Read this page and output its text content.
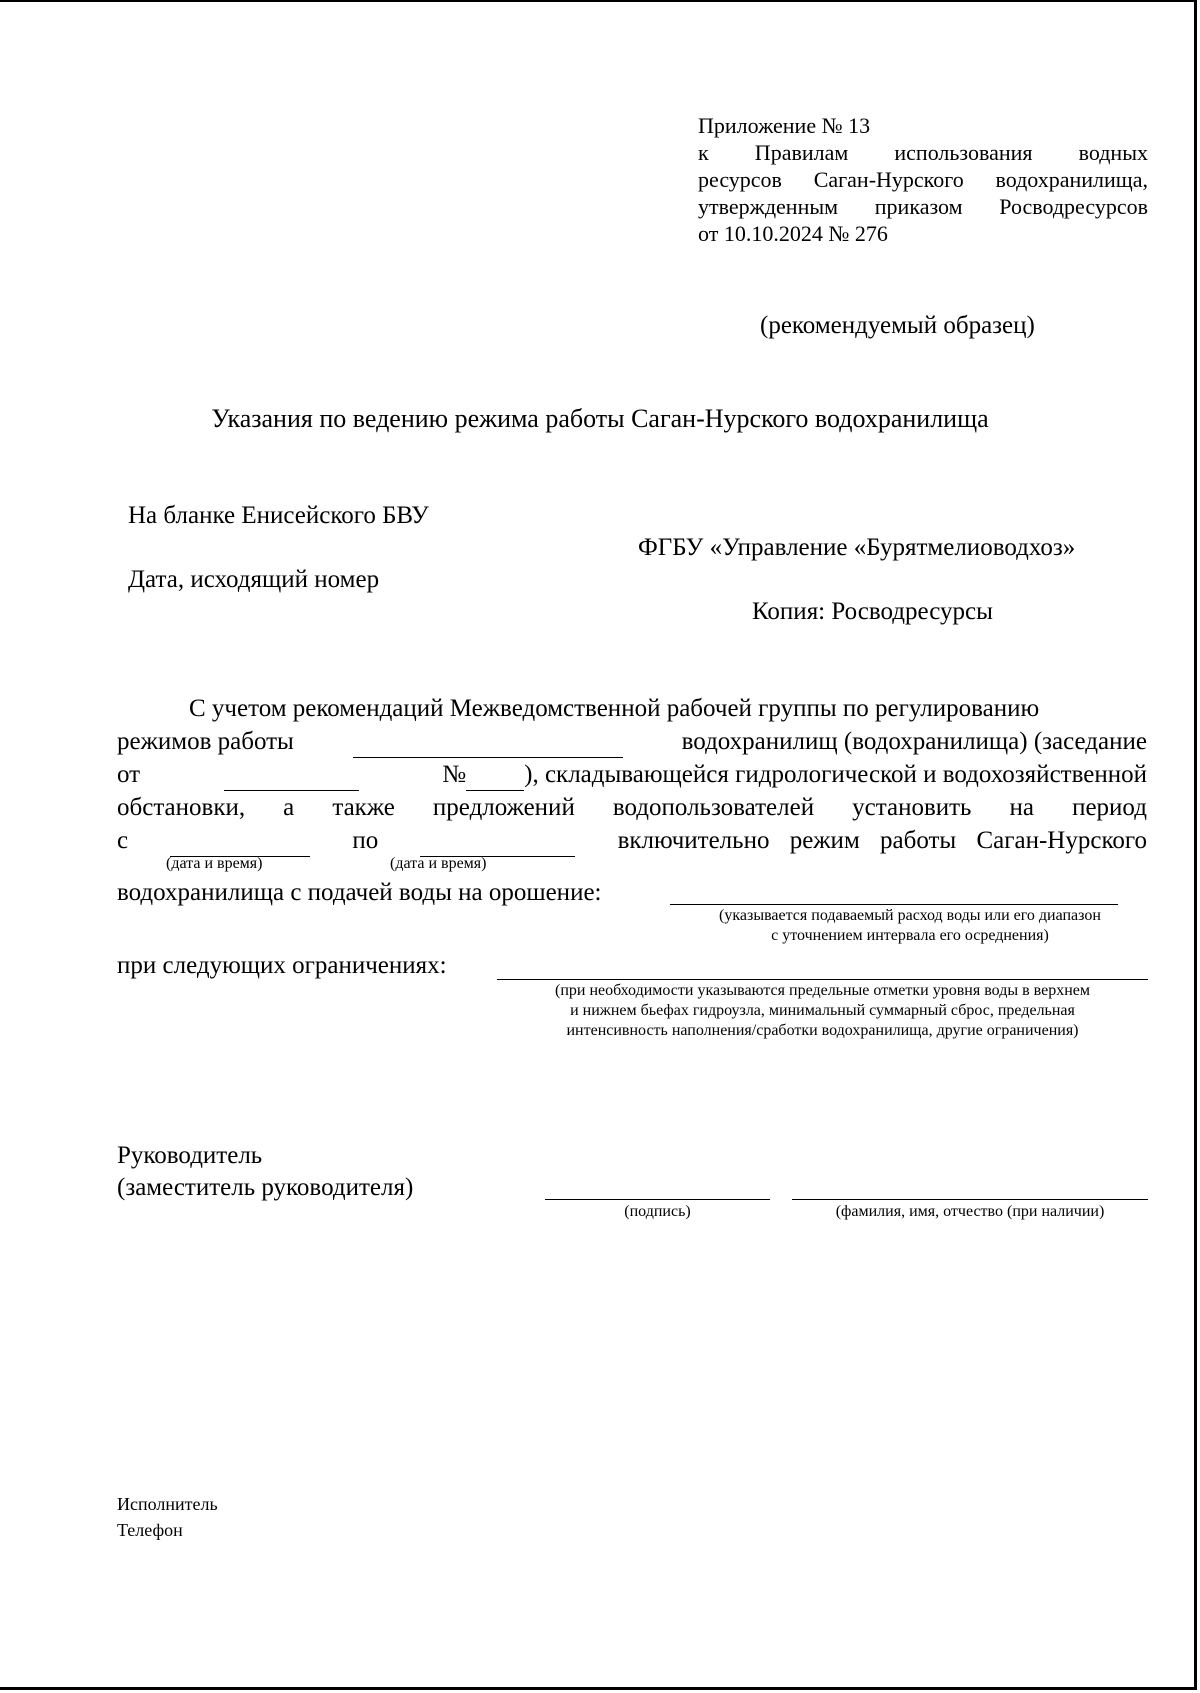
Приложение № 13
к Правилам использования водных
ресурсов Саган-Нурского водохранилища,
утвержденным приказом Росводресурсов
от 10.10.2024 № 276
(рекомендуемый образец)
Указания по ведению режима работы Саган-Нурского водохранилища
На бланке Енисейского БВУ
ФГБУ «Управление «Бурятмелиоводхоз»
Дата, исходящий номер
Копия: Росводресурсы
С учетом рекомендаций Межведомственной рабочей группы по регулированию
режимов работы	водохранилищ (водохранилища) (заседание
от	№ ), складывающейся гидрологической и водохозяйственной
обстановки, а также предложений водопользователей установить на период
с	по	включительно режим работы Саган-Нурского
(дата и время)	(дата и время)
водохранилища с подачей воды на орошение:
(указывается подаваемый расход воды или его диапазон
с уточнением интервала его осреднения)
при следующих ограничениях:
(при необходимости указываются предельные отметки уровня воды в верхнем
и нижнем бьефах гидроузла, минимальный суммарный сброс, предельная
интенсивность наполнения/сработки водохранилища, другие ограничения)
Руководитель
(заместитель руководителя)
(подпись)	(фамилия, имя, отчество (при наличии)
Исполнитель
Телефон
